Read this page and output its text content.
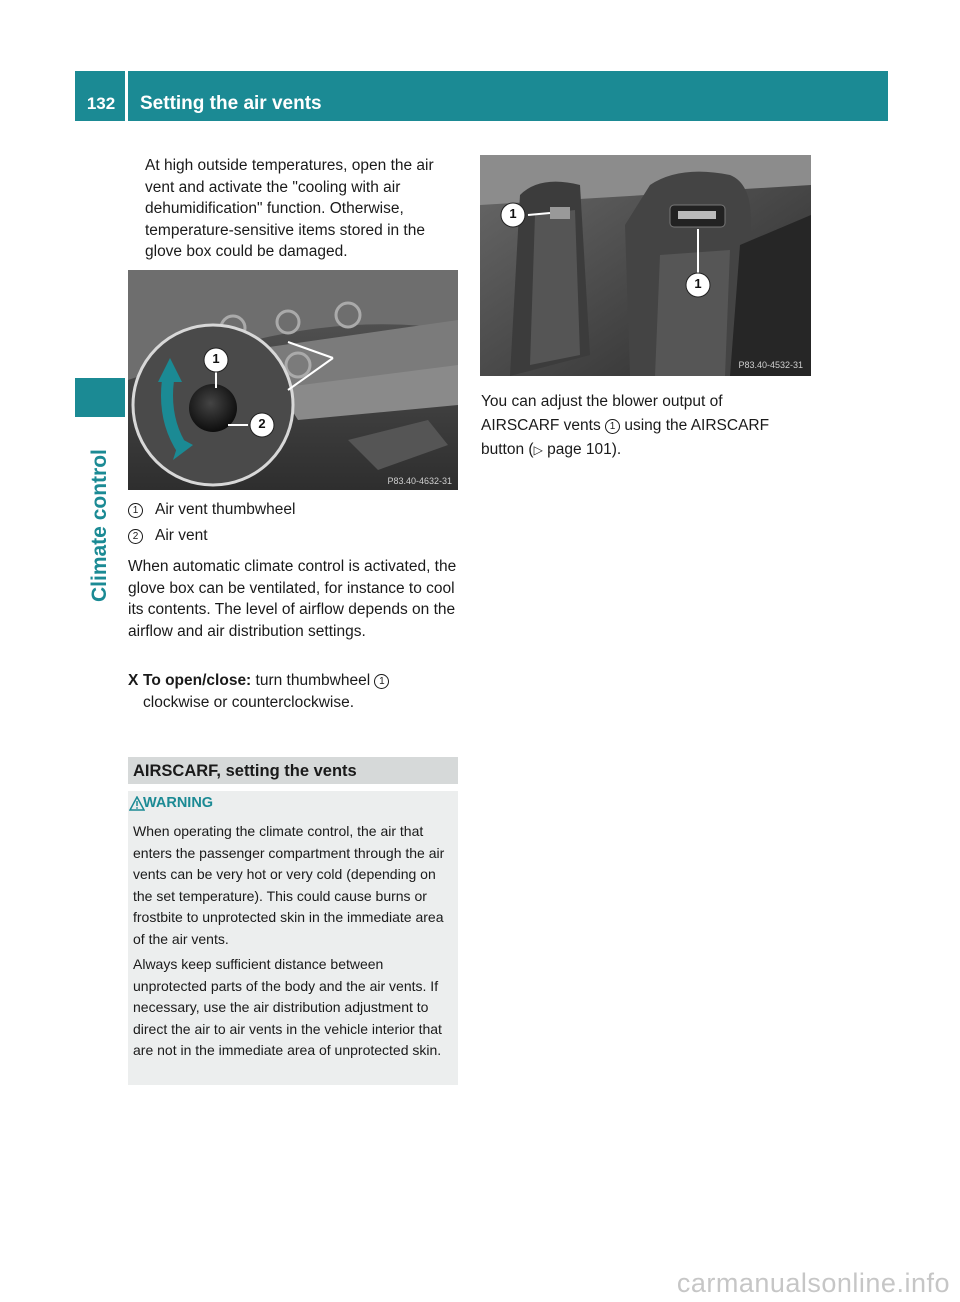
132	Setting the air vents
Climate control

At high outside temperatures, open the air vent and activate the "cooling with air dehumidification" function. Otherwise, temperature-sensitive items stored in the glove box could be damaged.

1
2
P83.40-4632-31
1 Air vent thumbwheel
2 Air vent

When automatic climate control is activated, the glove box can be ventilated, for instance to cool its contents. The level of airflow depends on the airflow and air distribution settings.

X To open/close: turn thumbwheel 1
clockwise or counterclockwise.
AIRSCARF, setting the vents
WARNING

When operating the climate control, the air that enters the passenger compartment through the air vents can be very hot or very cold (depending on the set temperature). This could cause burns or frostbite to unprotected skin in the immediate area of the air vents.

Always keep sufficient distance between unprotected parts of the body and the air vents. If necessary, use the air distribution adjustment to direct the air to air vents in the vehicle interior that are not in the immediate area of unprotected skin.

1
1
P83.40-4532-31
You can adjust the blower output of AIRSCARF vents 1 using the AIRSCARF button (▷ page 101).
carmanualsonline.info
